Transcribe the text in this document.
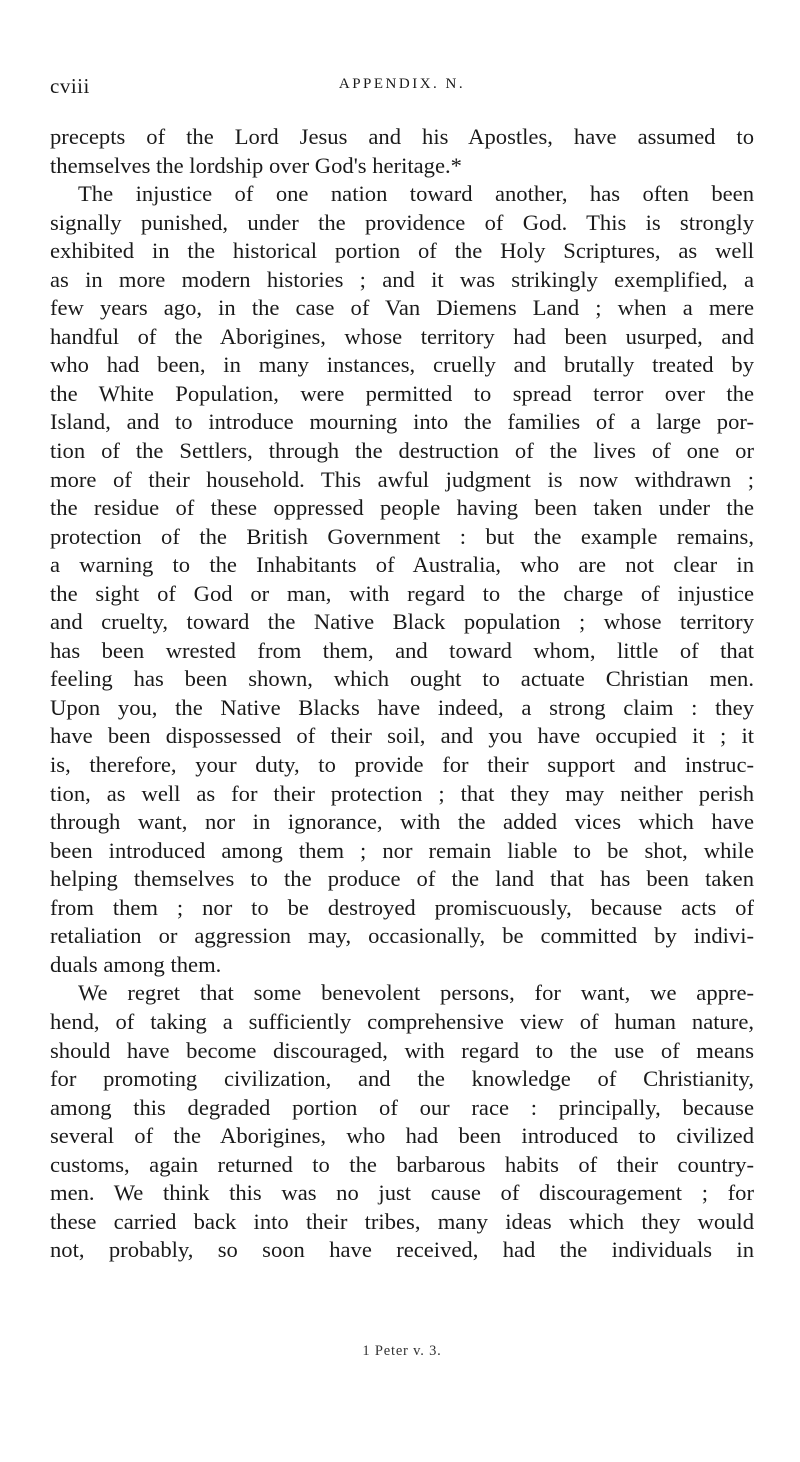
cviii	APPENDIX. N.
precepts of the Lord Jesus and his Apostles, have assumed to
themselves the lordship over God's heritage.*
The injustice of one nation toward another, has often been
signally punished, under the providence of God. This is strongly
exhibited in the historical portion of the Holy Scriptures, as well
as in more modern histories ; and it was strikingly exemplified, a
few years ago, in the case of Van Diemens Land ; when a mere
handful of the Aborigines, whose territory had been usurped, and
who had been, in many instances, cruelly and brutally treated by
the White Population, were permitted to spread terror over the
Island, and to introduce mourning into the families of a large por-
tion of the Settlers, through the destruction of the lives of one or
more of their household. This awful judgment is now withdrawn ;
the residue of these oppressed people having been taken under the
protection of the British Government : but the example remains,
a warning to the Inhabitants of Australia, who are not clear in
the sight of God or man, with regard to the charge of injustice
and cruelty, toward the Native Black population ; whose territory
has been wrested from them, and toward whom, little of that
feeling has been shown, which ought to actuate Christian men.
Upon you, the Native Blacks have indeed, a strong claim : they
have been dispossessed of their soil, and you have occupied it ; it
is, therefore, your duty, to provide for their support and instruc-
tion, as well as for their protection ; that they may neither perish
through want, nor in ignorance, with the added vices which have
been introduced among them ; nor remain liable to be shot, while
helping themselves to the produce of the land that has been taken
from them ; nor to be destroyed promiscuously, because acts of
retaliation or aggression may, occasionally, be committed by indivi-
duals among them.
We regret that some benevolent persons, for want, we appre-
hend, of taking a sufficiently comprehensive view of human nature,
should have become discouraged, with regard to the use of means
for promoting civilization, and the knowledge of Christianity,
among this degraded portion of our race : principally, because
several of the Aborigines, who had been introduced to civilized
customs, again returned to the barbarous habits of their country-
men. We think this was no just cause of discouragement ; for
these carried back into their tribes, many ideas which they would
not, probably, so soon have received, had the individuals in
1 Peter v. 3.
